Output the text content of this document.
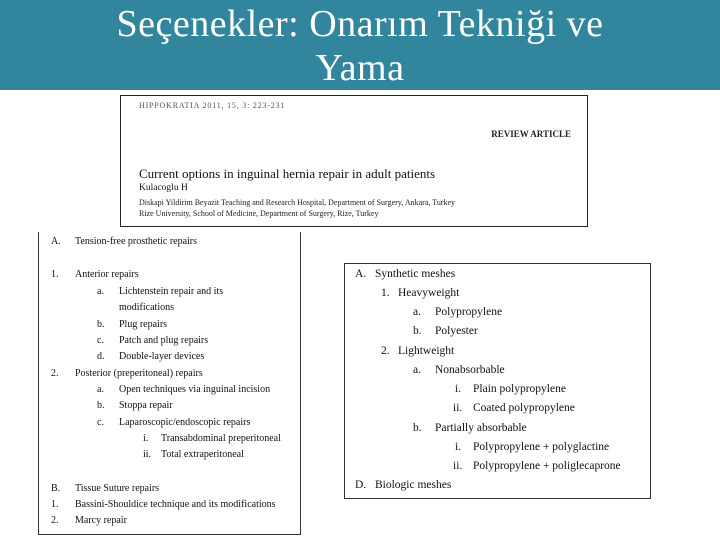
Seçenekler: Onarım Tekniği ve
Yama
HIPPOKRATIA 2011, 15, 3: 223-231
REVIEW ARTICLE
Current options in inguinal hernia repair in adult patients
Kulacoglu H
Diskapi Yildirim Beyazit Teaching and Research Hospital, Department of Surgery, Ankara, Turkey
Rize University, School of Medicine, Department of Surgery, Rize, Turkey
A. Tension-free prosthetic repairs
1. Anterior repairs
a. Lichtenstein repair and its
modifications
b. Plug repairs
c. Patch and plug repairs
d. Double-layer devices
2. Posterior (preperitoneal) repairs
a. Open techniques via inguinal incision
b. Stoppa repair
c. Laparoscopic/endoscopic repairs
i. Transabdominal preperitoneal
ii. Total extraperitoneal
B. Tissue Suture repairs
1. Bassini-Shouldice technique and its modifications
2. Marcy repair
A. Synthetic meshes
1. Heavyweight
a. Polypropylene
b. Polyester
2. Lightweight
a. Nonabsorbable
i. Plain polypropylene
ii. Coated polypropylene
b. Partially absorbable
i. Polypropylene + polyglactine
ii. Polypropylene + poliglecaprone
D. Biologic meshes
